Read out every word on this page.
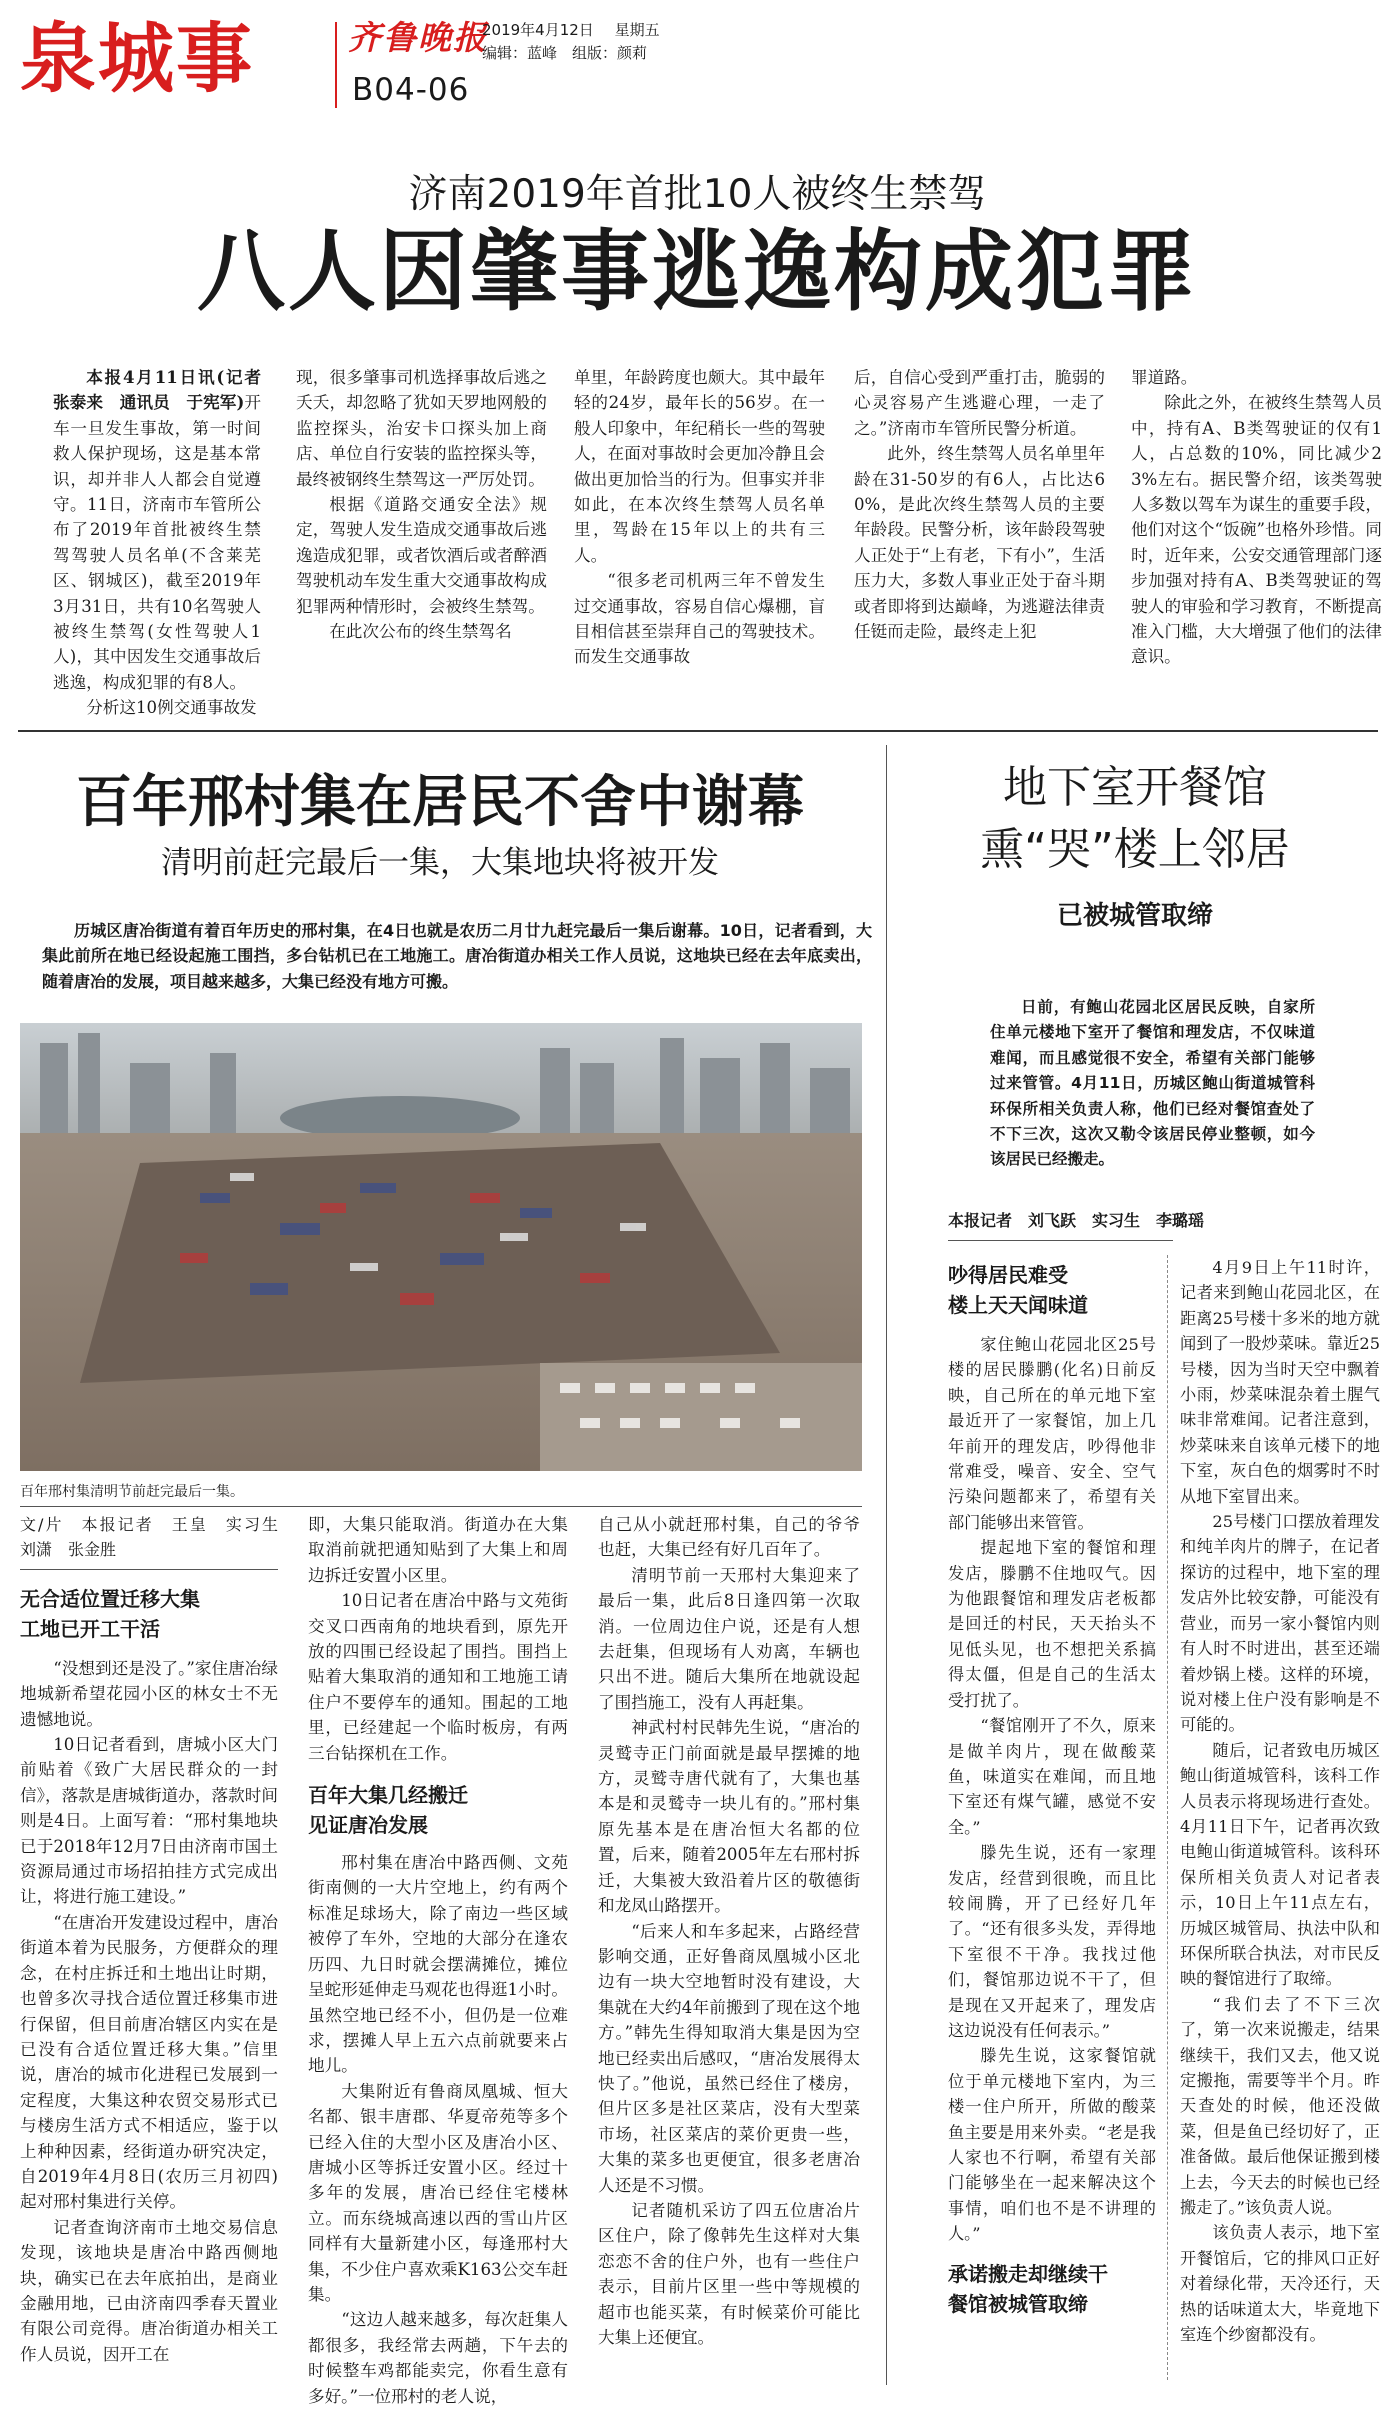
泉城事	齐鲁晚报
2019年4月12日 星期五
编辑：蓝峰　组版：颜莉
B04-06
济南2019年首批10人被终生禁驾
八人因肇事逃逸构成犯罪

本报4月11日讯(记者　张泰来　通讯员　于宪军)开车一旦发生事故，第一时间救人保护现场，这是基本常识，却并非人人都会自觉遵守。11日，济南市车管所公布了2019年首批被终生禁驾驾驶人员名单(不含莱芜区、钢城区)，截至2019年3月31日，共有10名驾驶人被终生禁驾(女性驾驶人1人)，其中因发生交通事故后逃逸，构成犯罪的有8人。

分析这10例交通事故发

现，很多肇事司机选择事故后逃之夭夭，却忽略了犹如天罗地网般的监控探头，治安卡口探头加上商店、单位自行安装的监控探头等，最终被钢终生禁驾这一严厉处罚。

根据《道路交通安全法》规定，驾驶人发生造成交通事故后逃逸造成犯罪，或者饮酒后或者醉酒驾驶机动车发生重大交通事故构成犯罪两种情形时，会被终生禁驾。

在此次公布的终生禁驾名

单里，年龄跨度也颇大。其中最年轻的24岁，最年长的56岁。在一般人印象中，年纪稍长一些的驾驶人，在面对事故时会更加冷静且会做出更加恰当的行为。但事实并非如此，在本次终生禁驾人员名单里，驾龄在15年以上的共有三人。

“很多老司机两三年不曾发生过交通事故，容易自信心爆棚，盲目相信甚至崇拜自己的驾驶技术。而发生交通事故

后，自信心受到严重打击，脆弱的心灵容易产生逃避心理，一走了之。”济南市车管所民警分析道。

此外，终生禁驾人员名单里年龄在31-50岁的有6人，占比达60%，是此次终生禁驾人员的主要年龄段。民警分析，该年龄段驾驶人正处于“上有老，下有小”，生活压力大，多数人事业正处于奋斗期或者即将到达巅峰，为逃避法律责任铤而走险，最终走上犯

罪道路。

除此之外，在被终生禁驾人员中，持有A、B类驾驶证的仅有1人，占总数的10%，同比减少23%左右。据民警介绍，该类驾驶人多数以驾车为谋生的重要手段，他们对这个“饭碗”也格外珍惜。同时，近年来，公安交通管理部门逐步加强对持有A、B类驾驶证的驾驶人的审验和学习教育，不断提高准入门槛，大大增强了他们的法律意识。

百年邢村集在居民不舍中谢幕
清明前赶完最后一集，大集地块将被开发

历城区唐冶街道有着百年历史的邢村集，在4日也就是农历二月廿九赶完最后一集后谢幕。10日，记者看到，大集此前所在地已经设起施工围挡，多台钻机已在工地施工。唐冶街道办相关工作人员说，这地块已经在去年底卖出，随着唐冶的发展，项目越来越多，大集已经没有地方可搬。

百年邢村集清明节前赶完最后一集。

文/片　本报记者　王皇　实习生　刘潇　张金胜

无合适位置迁移大集
工地已开工干活

“没想到还是没了。”家住唐冶绿地城新希望花园小区的林女士不无遗憾地说。

10日记者看到，唐城小区大门前贴着《致广大居民群众的一封信》，落款是唐城街道办，落款时间则是4日。上面写着：“邢村集地块已于2018年12月7日由济南市国土资源局通过市场招拍挂方式完成出让，将进行施工建设。”

“在唐冶开发建设过程中，唐冶街道本着为民服务，方便群众的理念，在村庄拆迁和土地出让时期，也曾多次寻找合适位置迁移集市进行保留，但目前唐冶辖区内实在是已没有合适位置迁移大集。”信里说，唐冶的城市化进程已发展到一定程度，大集这种农贸交易形式已与楼房生活方式不相适应，鉴于以上种种因素，经街道办研究决定，自2019年4月8日(农历三月初四)起对邢村集进行关停。

记者查询济南市土地交易信息发现，该地块是唐冶中路西侧地块，确实已在去年底拍出，是商业金融用地，已由济南四季春天置业有限公司竞得。唐冶街道办相关工作人员说，因开工在

即，大集只能取消。街道办在大集取消前就把通知贴到了大集上和周边拆迁安置小区里。

10日记者在唐冶中路与文苑街交叉口西南角的地块看到，原先开放的四围已经设起了围挡。围挡上贴着大集取消的通知和工地施工请住户不要停车的通知。围起的工地里，已经建起一个临时板房，有两三台钻探机在工作。

百年大集几经搬迁
见证唐冶发展

邢村集在唐冶中路西侧、文苑街南侧的一大片空地上，约有两个标准足球场大，除了南边一些区域被停了车外，空地的大部分在逢农历四、九日时就会摆满摊位，摊位呈蛇形延伸走马观花也得逛1小时。虽然空地已经不小，但仍是一位难求，摆摊人早上五六点前就要来占地儿。

大集附近有鲁商凤凰城、恒大名都、银丰唐郡、华夏帝苑等多个已经入住的大型小区及唐冶小区、唐城小区等拆迁安置小区。经过十多年的发展，唐冶已经住宅楼林立。而东绕城高速以西的雪山片区同样有大量新建小区，每逢邢村大集，不少住户喜欢乘K163公交车赶集。

“这边人越来越多，每次赶集人都很多，我经常去两趟，下午去的时候整车鸡都能卖完，你看生意有多好。”一位邢村的老人说，

自己从小就赶邢村集，自己的爷爷也赶，大集已经有好几百年了。

清明节前一天邢村大集迎来了最后一集，此后8日逢四第一次取消。一位周边住户说，还是有人想去赶集，但现场有人劝离，车辆也只出不进。随后大集所在地就设起了围挡施工，没有人再赶集。

神武村村民韩先生说，“唐冶的灵鹫寺正门前面就是最早摆摊的地方，灵鹫寺唐代就有了，大集也基本是和灵鹫寺一块儿有的。”邢村集原先基本是在唐冶恒大名都的位置，后来，随着2005年左右邢村拆迁，大集被大致沿着片区的敬德街和龙凤山路摆开。

“后来人和车多起来，占路经营影响交通，正好鲁商凤凰城小区北边有一块大空地暂时没有建设，大集就在大约4年前搬到了现在这个地方。”韩先生得知取消大集是因为空地已经卖出后感叹，“唐冶发展得太快了。”他说，虽然已经住了楼房，但片区多是社区菜店，没有大型菜市场，社区菜店的菜价更贵一些，大集的菜多也更便宜，很多老唐冶人还是不习惯。

记者随机采访了四五位唐冶片区住户，除了像韩先生这样对大集恋恋不舍的住户外，也有一些住户表示，目前片区里一些中等规模的超市也能买菜，有时候菜价可能比大集上还便宜。

地下室开餐馆
熏“哭”楼上邻居
已被城管取缔

日前，有鲍山花园北区居民反映，自家所住单元楼地下室开了餐馆和理发店，不仅味道难闻，而且感觉很不安全，希望有关部门能够过来管管。4月11日，历城区鲍山街道城管科环保所相关负责人称，他们已经对餐馆查处了不下三次，这次又勒令该居民停业整顿，如今该居民已经搬走。

本报记者　刘飞跃　实习生　李璐瑶

吵得居民难受
楼上天天闻味道

家住鲍山花园北区25号楼的居民滕鹏(化名)日前反映，自己所在的单元地下室最近开了一家餐馆，加上几年前开的理发店，吵得他非常难受，噪音、安全、空气污染问题都来了，希望有关部门能够出来管管。

提起地下室的餐馆和理发店，滕鹏不住地叹气。因为他跟餐馆和理发店老板都是回迁的村民，天天抬头不见低头见，也不想把关系搞得太僵，但是自己的生活太受打扰了。

“餐馆刚开了不久，原来是做羊肉片，现在做酸菜鱼，味道实在难闻，而且地下室还有煤气罐，感觉不安全。”

滕先生说，还有一家理发店，经营到很晚，而且比较闹腾，开了已经好几年了。“还有很多头发，弄得地下室很不干净。我找过他们，餐馆那边说不干了，但是现在又开起来了，理发店这边说没有任何表示。”

滕先生说，这家餐馆就位于单元楼地下室内，为三楼一住户所开，所做的酸菜鱼主要是用来外卖。“老是我人家也不行啊，希望有关部门能够坐在一起来解决这个事情，咱们也不是不讲理的人。”

承诺搬走却继续干
餐馆被城管取缔

4月9日上午11时许，记者来到鲍山花园北区，在距离25号楼十多米的地方就闻到了一股炒菜味。靠近25号楼，因为当时天空中飘着小雨，炒菜味混杂着土腥气味非常难闻。记者注意到，炒菜味来自该单元楼下的地下室，灰白色的烟雾时不时从地下室冒出来。

25号楼门口摆放着理发和纯羊肉片的牌子，在记者探访的过程中，地下室的理发店外比较安静，可能没有营业，而另一家小餐馆内则有人时不时进出，甚至还端着炒锅上楼。这样的环境，说对楼上住户没有影响是不可能的。

随后，记者致电历城区鲍山街道城管科，该科工作人员表示将现场进行查处。4月11日下午，记者再次致电鲍山街道城管科。该科环保所相关负责人对记者表示，10日上午11点左右，历城区城管局、执法中队和环保所联合执法，对市民反映的餐馆进行了取缔。

“我们去了不下三次了，第一次来说搬走，结果继续干，我们又去，他又说定搬拖，需要等半个月。昨天查处的时候，他还没做菜，但是鱼已经切好了，正准备做。最后他保证搬到楼上去，今天去的时候也已经搬走了。”该负责人说。

该负责人表示，地下室开餐馆后，它的排风口正好对着绿化带，天冷还行，天热的话味道太大，毕竟地下室连个纱窗都没有。
